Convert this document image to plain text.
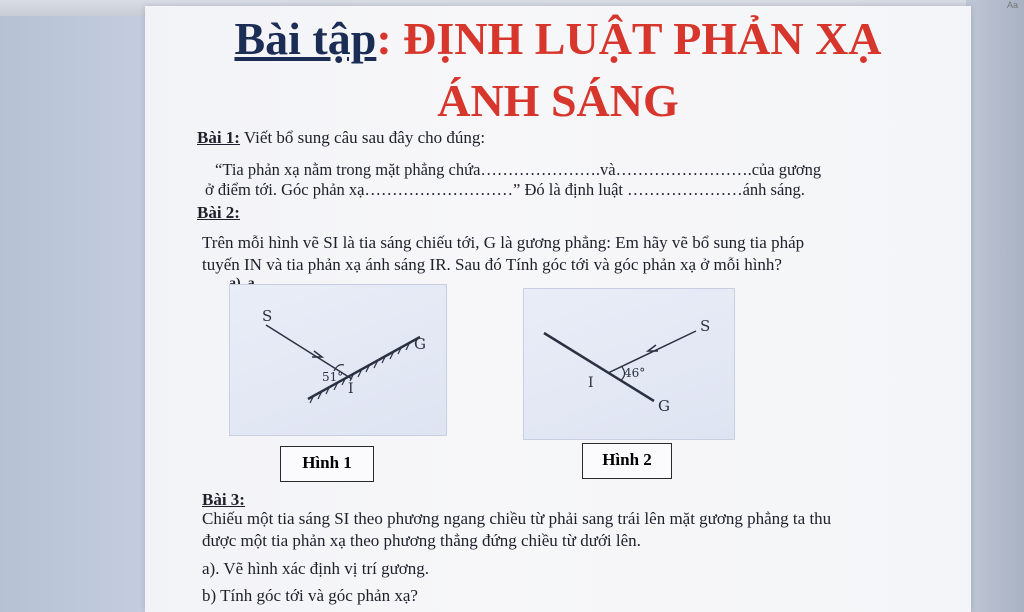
Aa
Bài tập: ĐỊNH LUẬT PHẢN XẠ
ÁNH SÁNG
Bài 1: Viết bổ sung câu sau đây cho đúng:
“Tia phản xạ nằm trong mặt phẳng chứa………………….và…………………….của gương
ở điểm tới. Góc phản xạ………………………” Đó là định luật …………………ánh sáng.
Bài 2:
Trên mỗi hình vẽ SI là tia sáng chiếu tới, G là gương phẳng: Em hãy vẽ bổ sung tia pháp
tuyến IN và tia phản xạ ánh sáng IR. Sau đó Tính góc tới và góc phản xạ ở mỗi hình?

S
G
I
51°
S
G
I
46°
Hình 1	Hình 2
Bài 3:
Chiếu một tia sáng SI theo phương ngang chiều từ phải sang trái lên mặt gương phẳng ta thu
được một tia phản xạ theo phương thẳng đứng chiều từ dưới lên.
a). Vẽ hình xác định vị trí gương.
b) Tính góc tới và góc phản xạ?
